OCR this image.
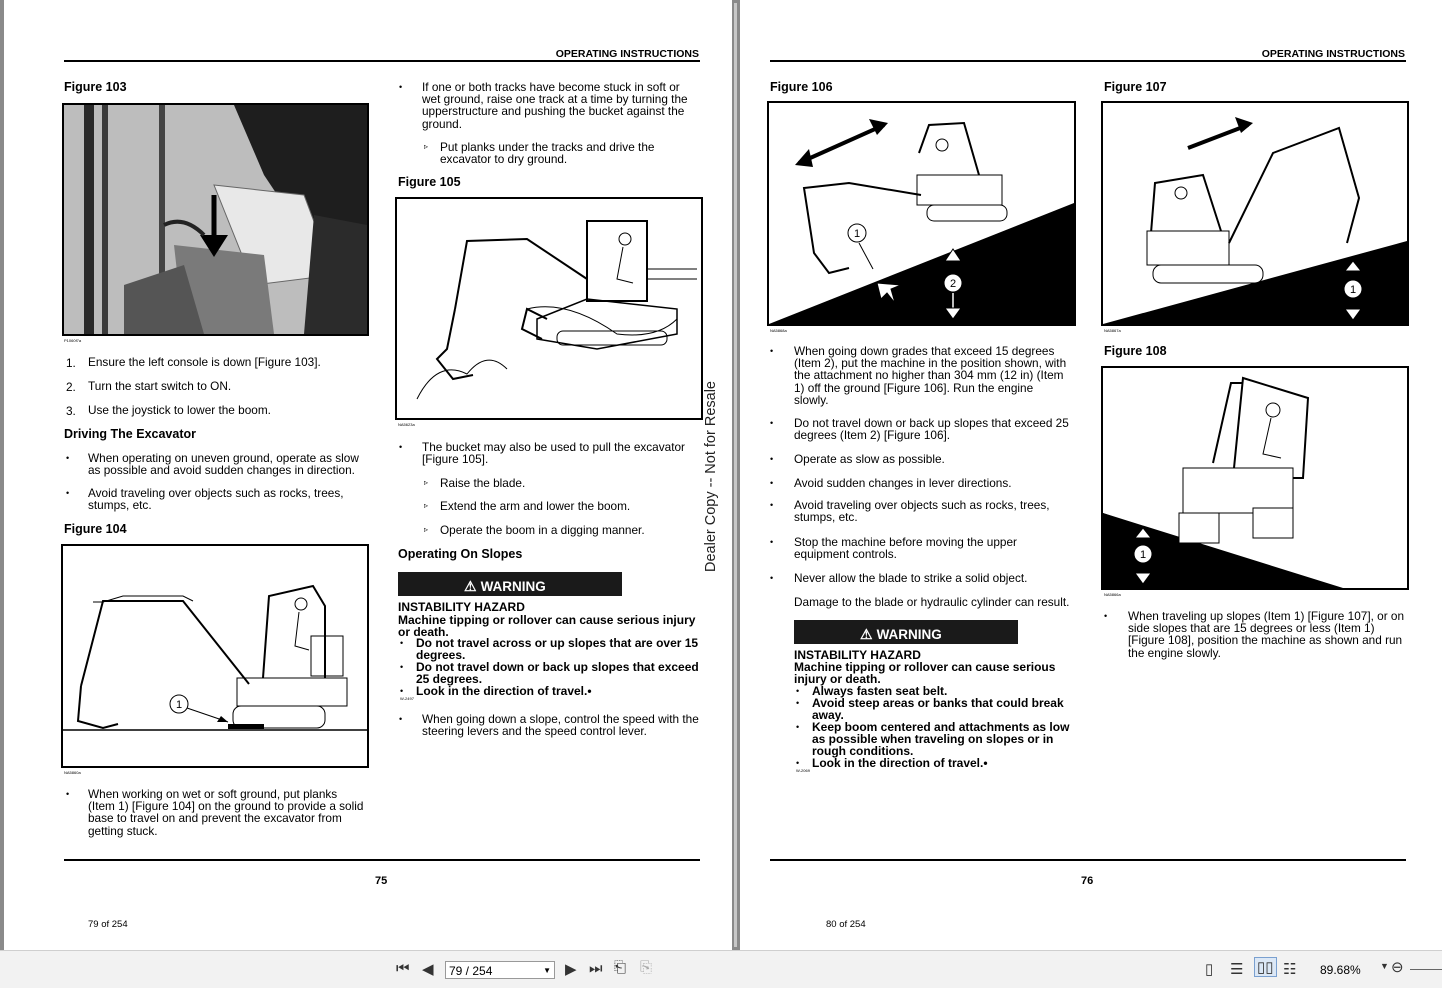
OPERATING INSTRUCTIONS
Figure 103
P1060f7a
1. Ensure the left console is down [Figure 103].
2. Turn the start switch to ON.
3. Use the joystick to lower the boom.
Driving The Excavator
• When operating on uneven ground, operate as slow
as possible and avoid sudden changes in direction.
• Avoid traveling over objects such as rocks, trees,
stumps, etc.
Figure 104
1
NA5860a
• When working on wet or soft ground, put planks
(Item 1) [Figure 104] on the ground to provide a solid
base to travel on and prevent the excavator from
getting stuck.
• If one or both tracks have become stuck in soft or
wet ground, raise one track at a time by turning the
upperstructure and pushing the bucket against the
ground.
▹ Put planks under the tracks and drive the
excavator to dry ground.
Figure 105
NA5623a
• The bucket may also be used to pull the excavator
[Figure 105].
▹ Raise the blade.
▹ Extend the arm and lower the boom.
▹ Operate the boom in a digging manner.
Operating On Slopes
⚠ WARNING
INSTABILITY HAZARD
Machine tipping or rollover can cause serious injury
or death.
• Do not travel across or up slopes that are over 15
degrees.
• Do not travel down or back up slopes that exceed
25 degrees.
• Look in the direction of travel.•
W-2497
• When going down a slope, control the speed with the
steering levers and the speed control lever.
75
79 of 254
Dealer Copy -- Not for Resale
OPERATING INSTRUCTIONS
Figure 106
1
2
NA5868a
Figure 107
1
NA5867a
Figure 108
1
NA5866a
• When going down grades that exceed 15 degrees
(Item 2), put the machine in the position shown, with
the attachment no higher than 304 mm (12 in) (Item
1) off the ground [Figure 106]. Run the engine
slowly.
• Do not travel down or back up slopes that exceed 25
degrees (Item 2) [Figure 106].
• Operate as slow as possible.
• Avoid sudden changes in lever directions.
• Avoid traveling over objects such as rocks, trees,
stumps, etc.
• Stop the machine before moving the upper
equipment controls.
• Never allow the blade to strike a solid object.
Damage to the blade or hydraulic cylinder can result.
⚠ WARNING
INSTABILITY HAZARD
Machine tipping or rollover can cause serious
injury or death.
• Always fasten seat belt.
• Avoid steep areas or banks that could break
away.
• Keep boom centered and attachments as low
as possible when traveling on slopes or in
rough conditions.
• Look in the direction of travel.•
W-2069
• When traveling up slopes (Item 1) [Figure 107], or on
side slopes that are 15 degrees or less (Item 1)
[Figure 108], position the machine as shown and run
the engine slowly.
76
80 of 254
⏮ ◀	79 / 254	▼ ▶ ⏭ ⎗ ⎘	▯ ☰ ▯▯ ☷ 89.68% ▼ ⊖
